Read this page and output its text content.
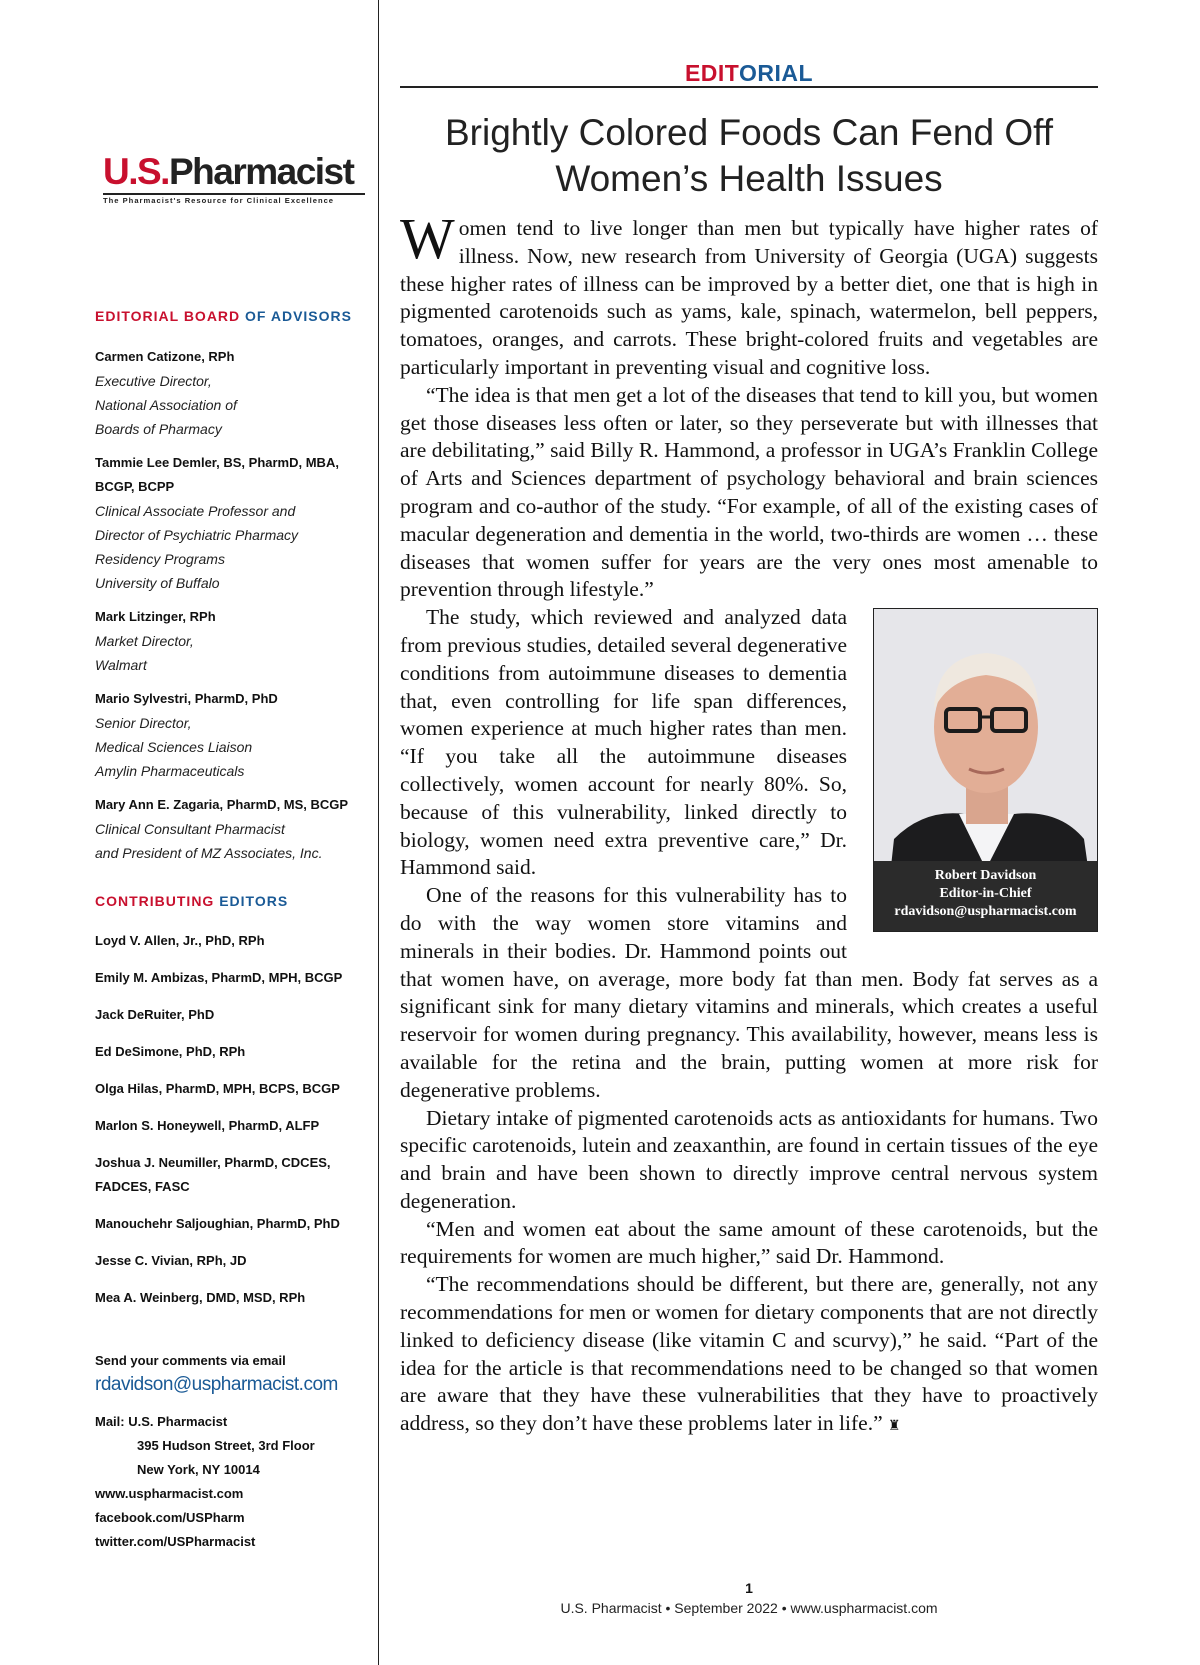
U.S.Pharmacist
The Pharmacist's Resource for Clinical Excellence
EDITORIAL BOARD OF ADVISORS
Carmen Catizone, RPh
Executive Director,
National Association of
Boards of Pharmacy
Tammie Lee Demler, BS, PharmD, MBA, BCGP, BCPP
Clinical Associate Professor and
Director of Psychiatric Pharmacy
Residency Programs
University of Buffalo
Mark Litzinger, RPh
Market Director,
Walmart
Mario Sylvestri, PharmD, PhD
Senior Director,
Medical Sciences Liaison
Amylin Pharmaceuticals
Mary Ann E. Zagaria, PharmD, MS, BCGP
Clinical Consultant Pharmacist
and President of MZ Associates, Inc.
CONTRIBUTING EDITORS
Loyd V. Allen, Jr., PhD, RPh
Emily M. Ambizas, PharmD, MPH, BCGP
Jack DeRuiter, PhD
Ed DeSimone, PhD, RPh
Olga Hilas, PharmD, MPH, BCPS, BCGP
Marlon S. Honeywell, PharmD, ALFP
Joshua J. Neumiller, PharmD, CDCES, FADCES, FASC
Manouchehr Saljoughian, PharmD, PhD
Jesse C. Vivian, RPh, JD
Mea A. Weinberg, DMD, MSD, RPh
Send your comments via email
rdavidson@uspharmacist.com
Mail: U.S. Pharmacist
395 Hudson Street, 3rd Floor
New York, NY 10014
www.uspharmacist.com
facebook.com/USPharm
twitter.com/USPharmacist
EDITORIAL
Brightly Colored Foods Can Fend Off
Women’s Health Issues

Women tend to live longer than men but typically have higher rates of illness. Now, new research from University of Georgia (UGA) suggests these higher rates of illness can be improved by a better diet, one that is high in pigmented carotenoids such as yams, kale, spinach, watermelon, bell peppers, tomatoes, oranges, and carrots. These bright-colored fruits and vegetables are particularly important in preventing visual and cognitive loss.

“The idea is that men get a lot of the diseases that tend to kill you, but women get those diseases less often or later, so they perseverate but with illnesses that are debilitating,” said Billy R. Hammond, a professor in UGA’s Franklin College of Arts and Sciences department of psychology behavioral and brain sciences program and co-author of the study. “For example, of all of the existing cases of macular degeneration and dementia in the world, two-thirds are women … these diseases that women suffer for years are the very ones most amenable to prevention through lifestyle.”

Robert Davidson
Editor-in-Chief
rdavidson@uspharmacist.com

The study, which reviewed and analyzed data from previous studies, detailed several degenerative conditions from autoimmune diseases to dementia that, even controlling for life span differences, women experience at much higher rates than men. “If you take all the autoimmune diseases collectively, women account for nearly 80%. So, because of this vulnerability, linked directly to biology, women need extra preventive care,” Dr. Hammond said.

One of the reasons for this vulnerability has to do with the way women store vitamins and minerals in their bodies. Dr. Hammond points out that women have, on average, more body fat than men. Body fat serves as a significant sink for many dietary vitamins and minerals, which creates a useful reservoir for women during pregnancy. This availability, however, means less is available for the retina and the brain, putting women at more risk for degenerative problems.

Dietary intake of pigmented carotenoids acts as antioxidants for humans. Two specific carotenoids, lutein and zeaxanthin, are found in certain tissues of the eye and brain and have been shown to directly improve central nervous system degeneration.

“Men and women eat about the same amount of these carotenoids, but the requirements for women are much higher,” said Dr. Hammond.

“The recommendations should be different, but there are, generally, not any recommendations for men or women for dietary components that are not directly linked to deficiency disease (like vitamin C and scurvy),” he said. “Part of the idea for the article is that recommendations need to be changed so that women are aware that they have these vulnerabilities that they have to proactively address, so they don’t have these problems later in life.” ♜

1
U.S. Pharmacist • September 2022 • www.uspharmacist.com
